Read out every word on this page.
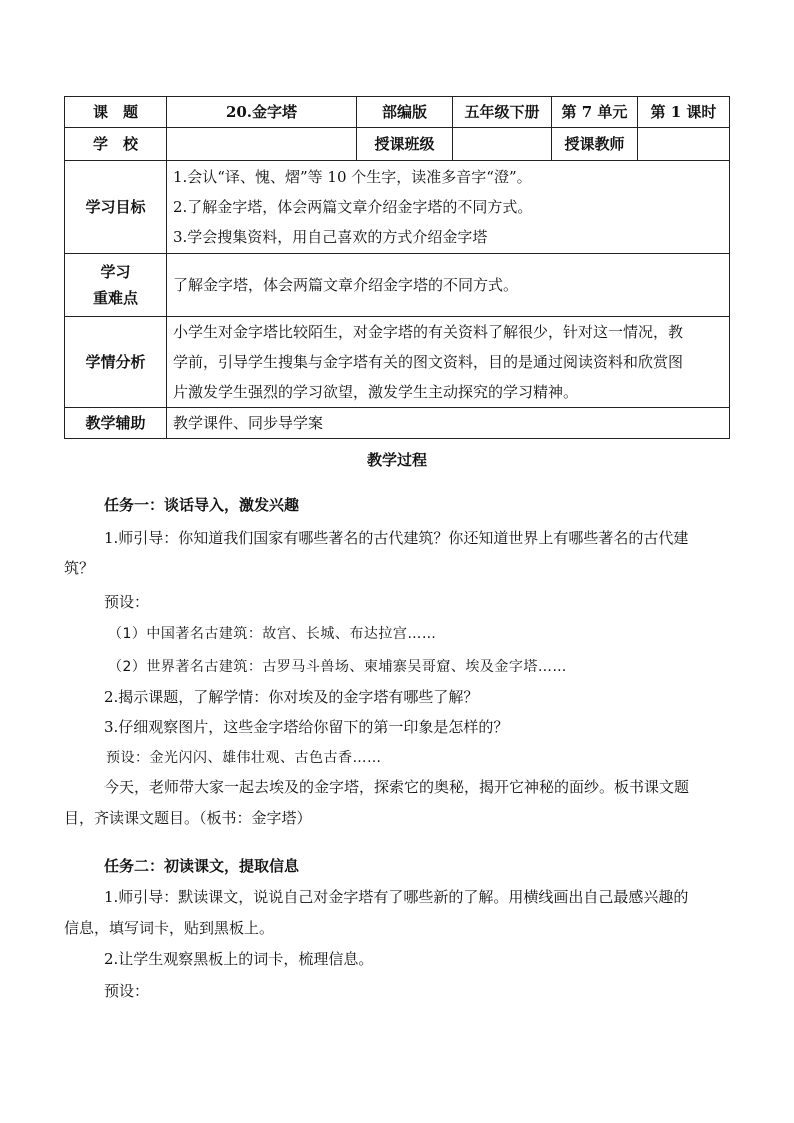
课　题	20.金字塔	部编版	五年级下册	第 7 单元	第 1 课时
学　校		授课班级		授课教师	
学习目标	1.会认“译、愧、熠”等 10 个生字，读准多音字“澄”。
2.了解金字塔，体会两篇文章介绍金字塔的不同方式。
3.学会搜集资料，用自己喜欢的方式介绍金字塔				

学习
重难点	了解金字塔，体会两篇文章介绍金字塔的不同方式。				
学情分析	小学生对金字塔比较陌生，对金字塔的有关资料了解很少，针对这一情况，教
学前，引导学生搜集与金字塔有关的图文资料，目的是通过阅读资料和欣赏图
片激发学生强烈的学习欲望，激发学生主动探究的学习精神。				

教学辅助	教学课件、同步导学案				
教学过程
任务一：谈话导入，激发兴趣
1.师引导：你知道我们国家有哪些著名的古代建筑？你还知道世界上有哪些著名的古代建
筑？
预设：
（1）中国著名古建筑：故宫、长城、布达拉宫……
（2）世界著名古建筑：古罗马斗兽场、柬埔寨吴哥窟、埃及金字塔……
2.揭示课题，了解学情：你对埃及的金字塔有哪些了解？
3.仔细观察图片，这些金字塔给你留下的第一印象是怎样的？
预设：金光闪闪、雄伟壮观、古色古香……
今天，老师带大家一起去埃及的金字塔，探索它的奥秘，揭开它神秘的面纱。板书课文题
目，齐读课文题目。（板书：金字塔）
任务二：初读课文，提取信息
1.师引导：默读课文，说说自己对金字塔有了哪些新的了解。用横线画出自己最感兴趣的
信息，填写词卡，贴到黑板上。
2.让学生观察黑板上的词卡，梳理信息。
预设：
